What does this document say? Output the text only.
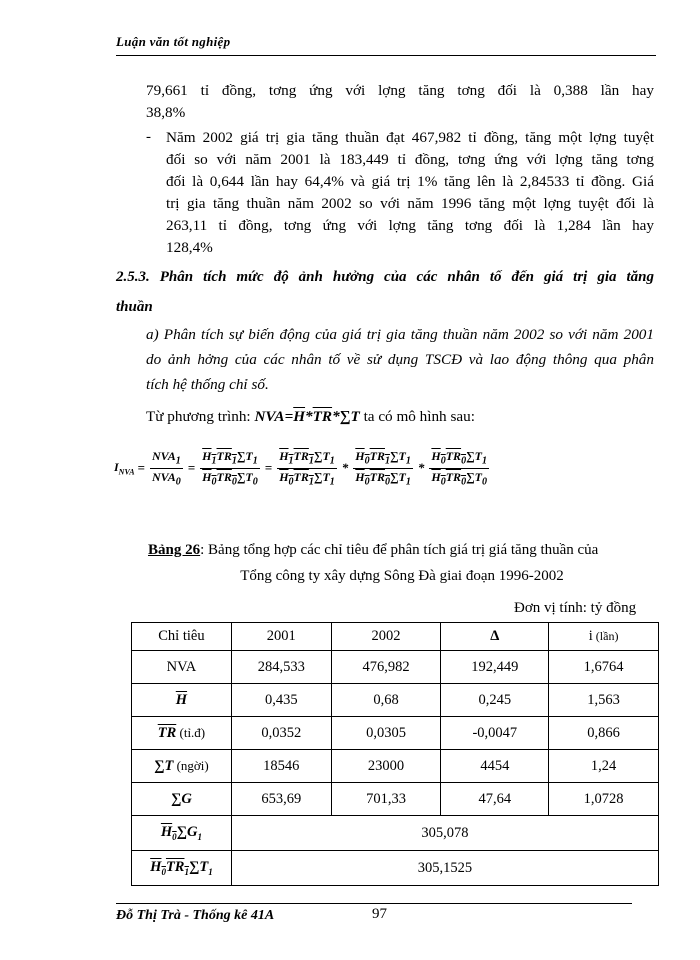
Luận văn tốt nghiệp
79,661 tỉ đồng, tơng ứng với lợng tăng tơng đối là 0,388 lần hay
38,8%
- Năm 2002 giá trị gia tăng thuần đạt 467,982 tỉ đồng, tăng một lợng tuyệt
đối so với năm 2001 là 183,449 tỉ đồng, tơng ứng với lợng tăng tơng
đối là 0,644 lần hay 64,4% và giá trị 1% tăng lên là 2,84533 tỉ đồng. Giá
trị gia tăng thuần năm 2002 so với năm 1996 tăng một lợng tuyệt đối là
263,11 tỉ đồng, tơng ứng với lợng tăng tơng đối là 1,284 lần hay
128,4%
2.5.3. Phân tích mức độ ảnh hưởng của các nhân tố đến giá trị gia tăng
thuần
a) Phân tích sự biến động của giá trị gia tăng thuần năm 2002 so với năm 2001
do ảnh hởng của các nhân tố về sử dụng TSCĐ và lao động thông qua phân
tích hệ thống chỉ số.
Từ phương trình: $NVA=\overline{H}*\overline{TR}*\sum T$ ta có mô hình sau:
$I_{NVA} = \frac{NVA_1}{NVA_0} = \frac{H_1TR_1\sum T_1}{H_0TR_0\sum T_0} = \frac{H_1TR_1\sum T_1}{H_0TR_1\sum T_1} * \frac{H_0TR_1\sum T_1}{H_0TR_0\sum T_1} * \frac{H_0TR_0\sum T_1}{H_0TR_0\sum T_0}$
Bảng 26: Bảng tổng hợp các chỉ tiêu để phân tích giá trị giá tăng thuần của
Tổng công ty xây dựng Sông Đà giai đoạn 1996-2002
Đơn vị tính: tỷ đồng
Chỉ tiêu	2001	2002	Δ	i (lần)
NVA	284,533	476,982	192,449	1,6764
$\overline{H}$	0,435	0,68	0,245	1,563
$\overline{TR}$ (tỉ.đ)	0,0352	0,0305	-0,0047	0,866
∑T (ngời)	18546	23000	4454	1,24
∑G	653,69	701,33	47,64	1,0728
$H_0\sum G_1$	305,078			
$H_0TR_1\sum T_1$	305,1525			
Đỗ Thị Trà - Thống kê 41A	97
